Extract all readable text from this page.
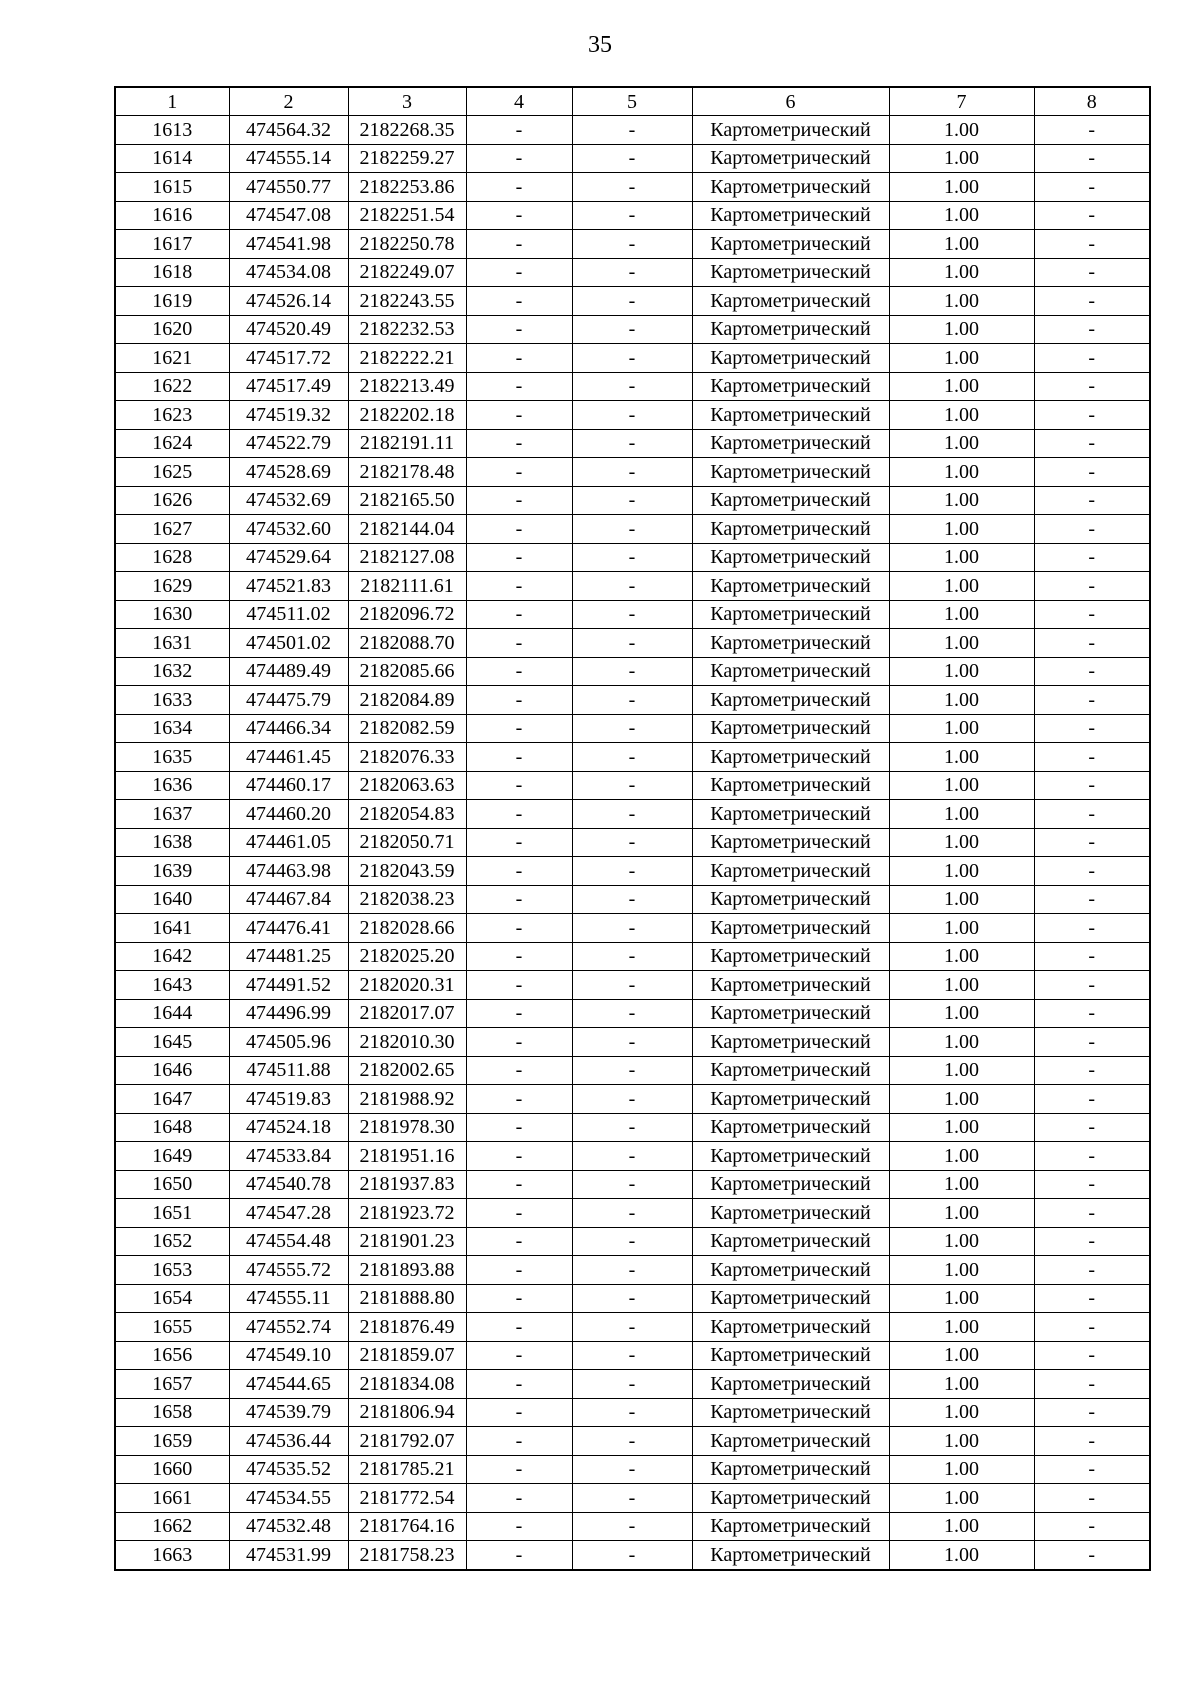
35
1	2	3	4	5	6	7	8
1613	474564.32	2182268.35	-	-	Картометрический	1.00	-
1614	474555.14	2182259.27	-	-	Картометрический	1.00	-
1615	474550.77	2182253.86	-	-	Картометрический	1.00	-
1616	474547.08	2182251.54	-	-	Картометрический	1.00	-
1617	474541.98	2182250.78	-	-	Картометрический	1.00	-
1618	474534.08	2182249.07	-	-	Картометрический	1.00	-
1619	474526.14	2182243.55	-	-	Картометрический	1.00	-
1620	474520.49	2182232.53	-	-	Картометрический	1.00	-
1621	474517.72	2182222.21	-	-	Картометрический	1.00	-
1622	474517.49	2182213.49	-	-	Картометрический	1.00	-
1623	474519.32	2182202.18	-	-	Картометрический	1.00	-
1624	474522.79	2182191.11	-	-	Картометрический	1.00	-
1625	474528.69	2182178.48	-	-	Картометрический	1.00	-
1626	474532.69	2182165.50	-	-	Картометрический	1.00	-
1627	474532.60	2182144.04	-	-	Картометрический	1.00	-
1628	474529.64	2182127.08	-	-	Картометрический	1.00	-
1629	474521.83	2182111.61	-	-	Картометрический	1.00	-
1630	474511.02	2182096.72	-	-	Картометрический	1.00	-
1631	474501.02	2182088.70	-	-	Картометрический	1.00	-
1632	474489.49	2182085.66	-	-	Картометрический	1.00	-
1633	474475.79	2182084.89	-	-	Картометрический	1.00	-
1634	474466.34	2182082.59	-	-	Картометрический	1.00	-
1635	474461.45	2182076.33	-	-	Картометрический	1.00	-
1636	474460.17	2182063.63	-	-	Картометрический	1.00	-
1637	474460.20	2182054.83	-	-	Картометрический	1.00	-
1638	474461.05	2182050.71	-	-	Картометрический	1.00	-
1639	474463.98	2182043.59	-	-	Картометрический	1.00	-
1640	474467.84	2182038.23	-	-	Картометрический	1.00	-
1641	474476.41	2182028.66	-	-	Картометрический	1.00	-
1642	474481.25	2182025.20	-	-	Картометрический	1.00	-
1643	474491.52	2182020.31	-	-	Картометрический	1.00	-
1644	474496.99	2182017.07	-	-	Картометрический	1.00	-
1645	474505.96	2182010.30	-	-	Картометрический	1.00	-
1646	474511.88	2182002.65	-	-	Картометрический	1.00	-
1647	474519.83	2181988.92	-	-	Картометрический	1.00	-
1648	474524.18	2181978.30	-	-	Картометрический	1.00	-
1649	474533.84	2181951.16	-	-	Картометрический	1.00	-
1650	474540.78	2181937.83	-	-	Картометрический	1.00	-
1651	474547.28	2181923.72	-	-	Картометрический	1.00	-
1652	474554.48	2181901.23	-	-	Картометрический	1.00	-
1653	474555.72	2181893.88	-	-	Картометрический	1.00	-
1654	474555.11	2181888.80	-	-	Картометрический	1.00	-
1655	474552.74	2181876.49	-	-	Картометрический	1.00	-
1656	474549.10	2181859.07	-	-	Картометрический	1.00	-
1657	474544.65	2181834.08	-	-	Картометрический	1.00	-
1658	474539.79	2181806.94	-	-	Картометрический	1.00	-
1659	474536.44	2181792.07	-	-	Картометрический	1.00	-
1660	474535.52	2181785.21	-	-	Картометрический	1.00	-
1661	474534.55	2181772.54	-	-	Картометрический	1.00	-
1662	474532.48	2181764.16	-	-	Картометрический	1.00	-
1663	474531.99	2181758.23	-	-	Картометрический	1.00	-
